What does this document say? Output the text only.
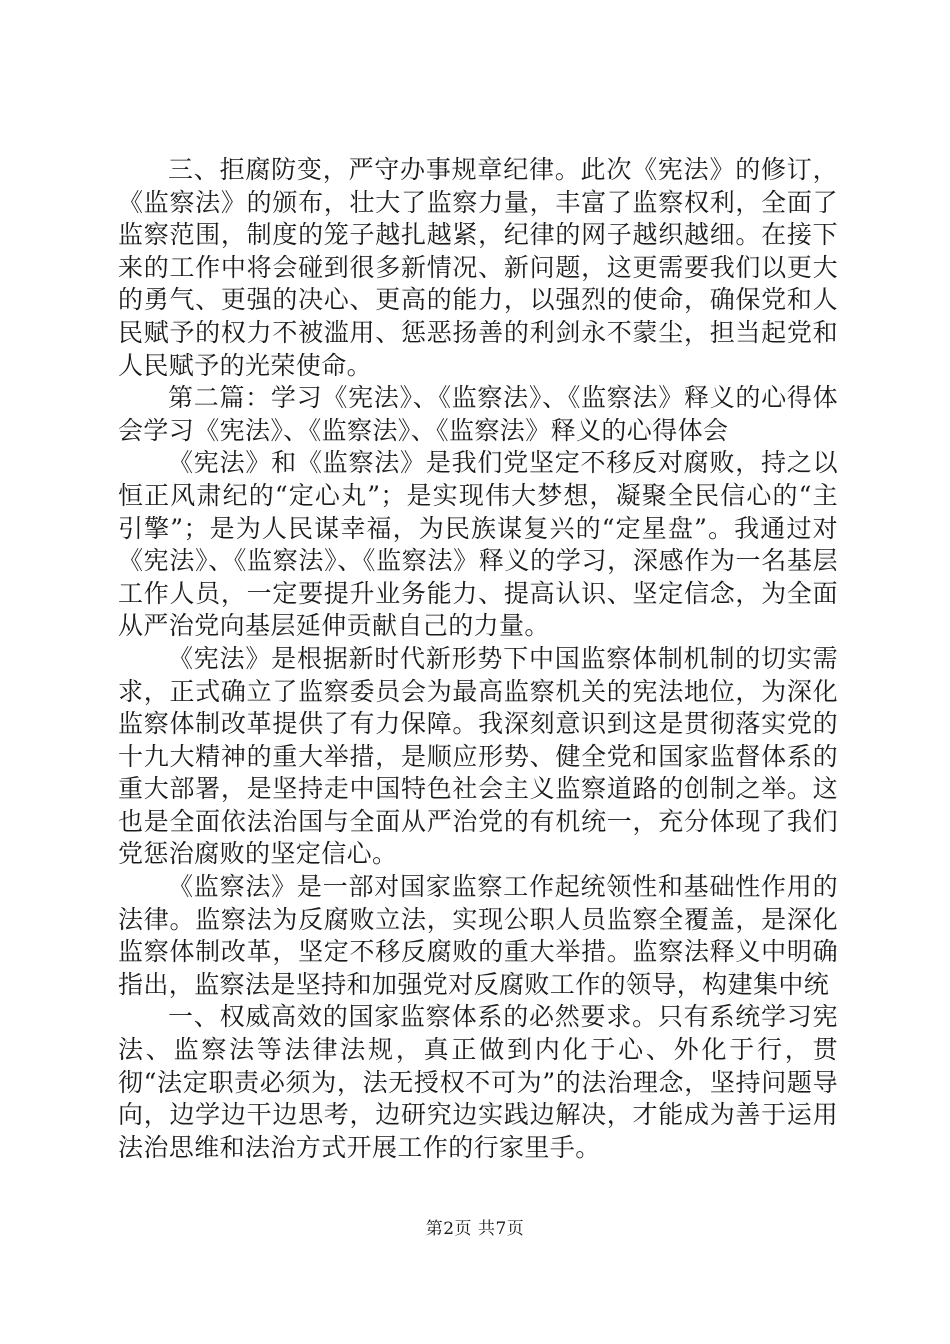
三、拒腐防变，严守办事规章纪律。此次《宪法》的修订，《监察法》的颁布，壮大了监察力量，丰富了监察权利，全面了监察范围，制度的笼子越扎越紧，纪律的网子越织越细。在接下来的工作中将会碰到很多新情况、新问题，这更需要我们以更大的勇气、更强的决心、更高的能力，以强烈的使命，确保党和人民赋予的权力不被滥用、惩恶扬善的利剑永不蒙尘，担当起党和人民赋予的光荣使命。

第二篇：学习《宪法》、《监察法》、《监察法》释义的心得体会学习《宪法》、《监察法》、《监察法》释义的心得体会

《宪法》和《监察法》是我们党坚定不移反对腐败，持之以恒正风肃纪的“定心丸”；是实现伟大梦想，凝聚全民信心的“主引擎”；是为人民谋幸福，为民族谋复兴的“定星盘”。我通过对《宪法》、《监察法》、《监察法》释义的学习，深感作为一名基层工作人员，一定要提升业务能力、提高认识、坚定信念，为全面从严治党向基层延伸贡献自己的力量。

《宪法》是根据新时代新形势下中国监察体制机制的切实需求，正式确立了监察委员会为最高监察机关的宪法地位，为深化监察体制改革提供了有力保障。我深刻意识到这是贯彻落实党的十九大精神的重大举措，是顺应形势、健全党和国家监督体系的重大部署，是坚持走中国特色社会主义监察道路的创制之举。这也是全面依法治国与全面从严治党的有机统一，充分体现了我们党惩治腐败的坚定信心。

《监察法》是一部对国家监察工作起统领性和基础性作用的法律。监察法为反腐败立法，实现公职人员监察全覆盖，是深化监察体制改革，坚定不移反腐败的重大举措。监察法释义中明确指出，监察法是坚持和加强党对反腐败工作的领导，构建集中统

一、权威高效的国家监察体系的必然要求。只有系统学习宪法、监察法等法律法规，真正做到内化于心、外化于行，贯彻“法定职责必须为，法无授权不可为”的法治理念，坚持问题导向，边学边干边思考，边研究边实践边解决，才能成为善于运用法治思维和法治方式开展工作的行家里手。

第2页 共7页
